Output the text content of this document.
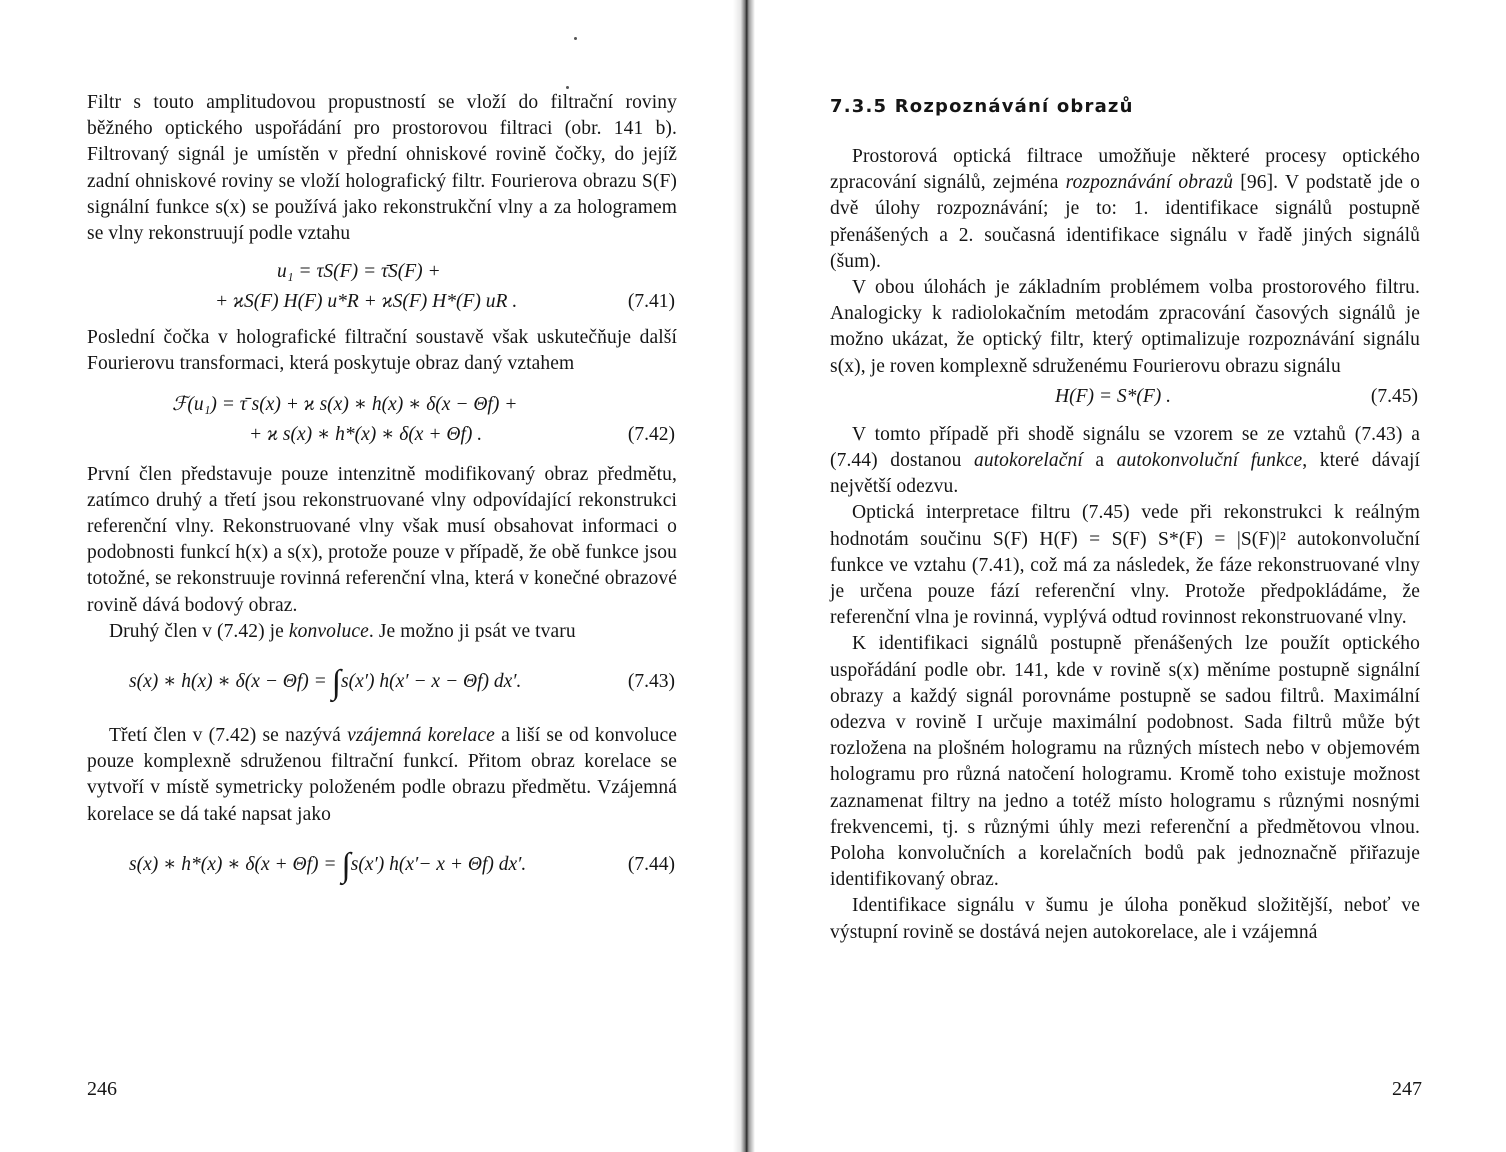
Filtr s touto amplitudovou propustností se vloží do filtrační roviny běžného optického uspořádání pro prostorovou filtraci (obr. 141 b). Filtrovaný signál je umístěn v přední ohniskové rovině čočky, do jejíž zadní ohniskové roviny se vloží holografický filtr. Fourierova obrazu S(F) signální funkce s(x) se používá jako rekonstrukční vlny a za hologramem se vlny rekonstruují podle vztahu

u₁ = τS(F) = τ̄S(F) +
+ ϰS(F) H(F) u*R + ϰS(F) H*(F) uR .	(7.41)

Poslední čočka v holografické filtrační soustavě však uskutečňuje další Fourierovu transformaci, která poskytuje obraz daný vztahem

ℱ(u₁) = τ̄ s(x) + ϰ s(x) ∗ h(x) ∗ δ(x − Θf) +
+ ϰ s(x) ∗ h*(x) ∗ δ(x + Θf) .	(7.42)

První člen představuje pouze intenzitně modifikovaný obraz předmětu, zatímco druhý a třetí jsou rekonstruované vlny odpovídající rekonstrukci referenční vlny. Rekonstruované vlny však musí obsahovat informaci o podobnosti funkcí h(x) a s(x), protože pouze v případě, že obě funkce jsou totožné, se rekonstruuje rovinná referenční vlna, která v konečné obrazové rovině dává bodový obraz.

Druhý člen v (7.42) je konvoluce. Je možno ji psát ve tvaru

s(x) ∗ h(x) ∗ δ(x − Θf) = ∫s(x′) h(x′ − x − Θf) dx′.	(7.43)

Třetí člen v (7.42) se nazývá vzájemná korelace a liší se od konvoluce pouze komplexně sdruženou filtrační funkcí. Přitom obraz korelace se vytvoří v místě symetricky položeném podle obrazu předmětu. Vzájemná korelace se dá také napsat jako

s(x) ∗ h*(x) ∗ δ(x + Θf) = ∫s(x′) h(x′− x + Θf) dx′.	(7.44)
246
7.3.5 Rozpoznávání obrazů

Prostorová optická filtrace umožňuje některé procesy optického zpracování signálů, zejména rozpoznávání obrazů [96]. V podstatě jde o dvě úlohy rozpoznávání; je to: 1. identifikace signálů postupně přenášených a 2. současná identifikace signálu v řadě jiných signálů (šum).

V obou úlohách je základním problémem volba prostorového filtru. Analogicky k radiolokačním metodám zpracování časových signálů je možno ukázat, že optický filtr, který optimalizuje rozpoznávání signálu s(x), je roven komplexně sdruženému Fourierovu obrazu signálu

H(F) = S*(F) .	(7.45)

V tomto případě při shodě signálu se vzorem se ze vztahů (7.43) a (7.44) dostanou autokorelační a autokonvoluční funkce, které dávají největší odezvu.

Optická interpretace filtru (7.45) vede při rekonstrukci k reálným hodnotám součinu S(F) H(F) = S(F) S*(F) = |S(F)|² autokonvoluční funkce ve vztahu (7.41), což má za následek, že fáze rekonstruované vlny je určena pouze fází referenční vlny. Protože předpokládáme, že referenční vlna je rovinná, vyplývá odtud rovinnost rekonstruované vlny.

K identifikaci signálů postupně přenášených lze použít optického uspořádání podle obr. 141, kde v rovině s(x) měníme postupně signální obrazy a každý signál porovnáme postupně se sadou filtrů. Maximální odezva v rovině I určuje maximální podobnost. Sada filtrů může být rozložena na plošném hologramu na různých místech nebo v objemovém hologramu pro různá natočení hologramu. Kromě toho existuje možnost zaznamenat filtry na jedno a totéž místo hologramu s různými nosnými frekvencemi, tj. s různými úhly mezi referenční a předmětovou vlnou. Poloha konvolučních a korelačních bodů pak jednoznačně přiřazuje identifikovaný obraz.

Identifikace signálu v šumu je úloha poněkud složitější, neboť ve výstupní rovině se dostává nejen autokorelace, ale i vzájemná

247
